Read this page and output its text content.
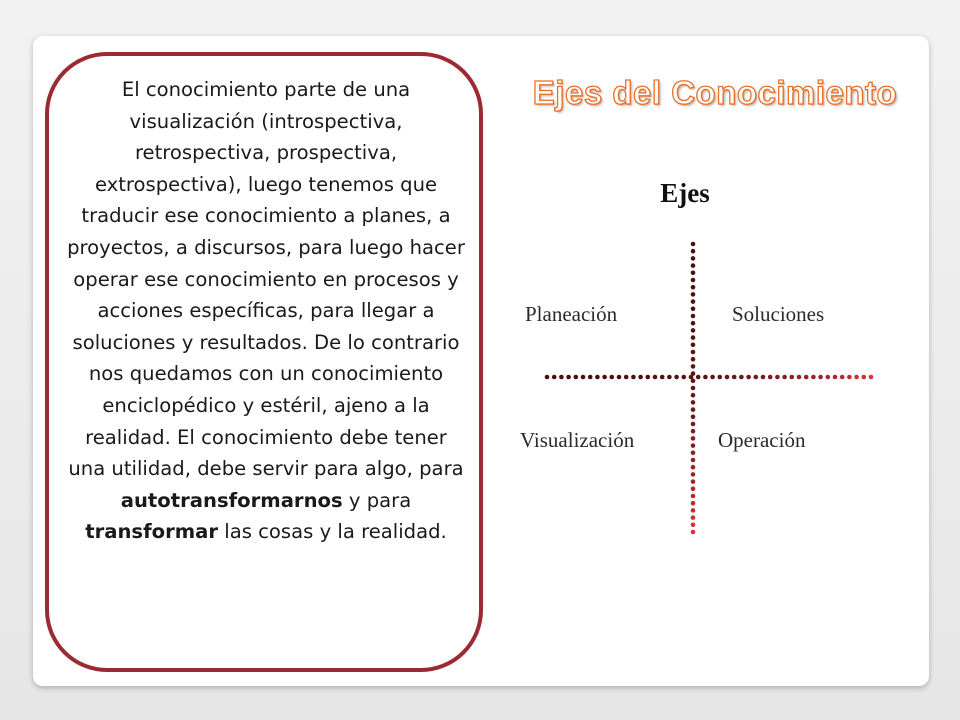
El conocimiento parte de una visualización (introspectiva, retrospectiva, prospectiva, extrospectiva), luego tenemos que traducir ese conocimiento a planes, a proyectos, a discursos, para luego hacer operar ese conocimiento en procesos y acciones específicas, para llegar a soluciones y resultados. De lo contrario nos quedamos con un conocimiento enciclopédico y estéril, ajeno a la realidad. El conocimiento debe tener una utilidad, debe servir para algo, para autotransformarnos y para transformar las cosas y la realidad.
Ejes del Conocimiento
Ejes
Planeación	Soluciones
Visualización	Operación
